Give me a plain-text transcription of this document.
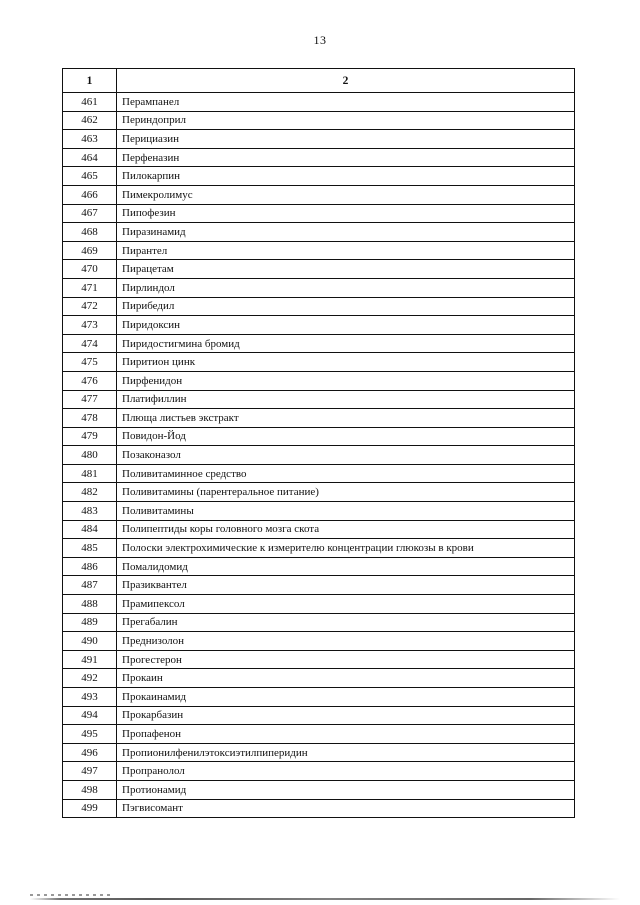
13
1	2
461	Перампанел
462	Периндоприл
463	Перициазин
464	Перфеназин
465	Пилокарпин
466	Пимекролимус
467	Пипофезин
468	Пиразинамид
469	Пирантел
470	Пирацетам
471	Пирлиндол
472	Пирибедил
473	Пиридоксин
474	Пиридостигмина бромид
475	Пиритион цинк
476	Пирфенидон
477	Платифиллин
478	Плюща листьев экстракт
479	Повидон-Йод
480	Позаконазол
481	Поливитаминное средство
482	Поливитамины (парентеральное питание)
483	Поливитамины
484	Полипептиды коры головного мозга скота
485	Полоски электрохимические к измерителю концентрации глюкозы в крови
486	Помалидомид
487	Празиквантел
488	Прамипексол
489	Прегабалин
490	Преднизолон
491	Прогестерон
492	Прокаин
493	Прокаинамид
494	Прокарбазин
495	Пропафенон
496	Пропионилфенилэтоксиэтилпиперидин
497	Пропранолол
498	Протионамид
499	Пэгвисомант
